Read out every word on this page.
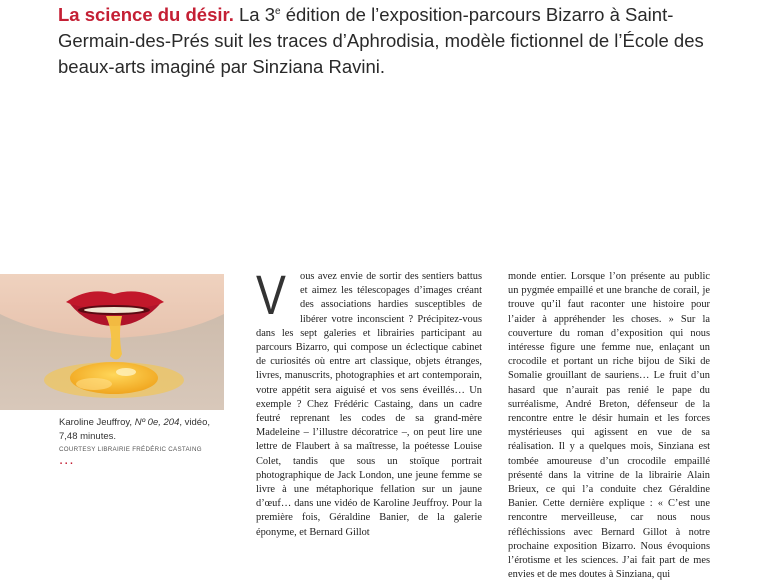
La science du désir. La 3e édition de l’exposition-parcours Bizarro à Saint-Germain-des-Prés suit les traces d’Aphrodisia, modèle fictionnel de l’École des beaux-arts imaginé par Sinziana Ravini.
Karoline Jeuffroy, Nº 0e, 204, vidéo, 7,48 minutes.
COURTESY LIBRAIRIE FRÉDÉRIC CASTAING
...
V	ous avez envie de sortir des sentiers battus et aimez les télescopages d’images créant des associations hardies susceptibles de libérer votre inconscient ? Précipitez-vous dans les sept galeries et librairies participant au parcours Bizarro, qui compose un éclectique cabinet de curiosités où entre art classique, objets étranges, livres, manuscrits, photographies et art contemporain, votre appétit sera aiguisé et vos sens éveillés… Un exemple ? Chez Frédéric Castaing, dans un cadre feutré reprenant les codes de sa grand-mère Madeleine – l’illustre décoratrice –, on peut lire une lettre de Flaubert à sa maîtresse, la poétesse Louise Colet, tandis que sous un stoïque portrait photographique de Jack London, une jeune femme se livre à une métaphorique fellation sur un jaune d’œuf… dans une vidéo de Karoline Jeuffroy. Pour la première fois, Géraldine Banier, de la galerie éponyme, et Bernard Gillot

monde entier. Lorsque l’on présente au public un pygmée empaillé et une branche de corail, je trouve qu’il faut raconter une histoire pour l’aider à appréhender les choses. » Sur la couverture du roman d’exposition qui nous intéresse figure une femme nue, enlaçant un crocodile et portant un riche bijou de Siki de Somalie grouillant de sauriens… Le fruit d’un hasard que n’aurait pas renié le pape du surréalisme, André Breton, défenseur de la rencontre entre le désir humain et les forces mystérieuses qui agissent en vue de sa réalisation. Il y a quelques mois, Sinziana est tombée amoureuse d’un crocodile empaillé présenté dans la vitrine de la librairie Alain Brieux, ce qui l’a conduite chez Géraldine Banier. Cette dernière explique : « C’est une rencontre merveilleuse, car nous nous réfléchissions avec Bernard Gillot à notre prochaine exposition Bizarro. Nous évoquions l’érotisme et les sciences. J’ai fait part de mes envies et de mes doutes à Sinziana, qui
